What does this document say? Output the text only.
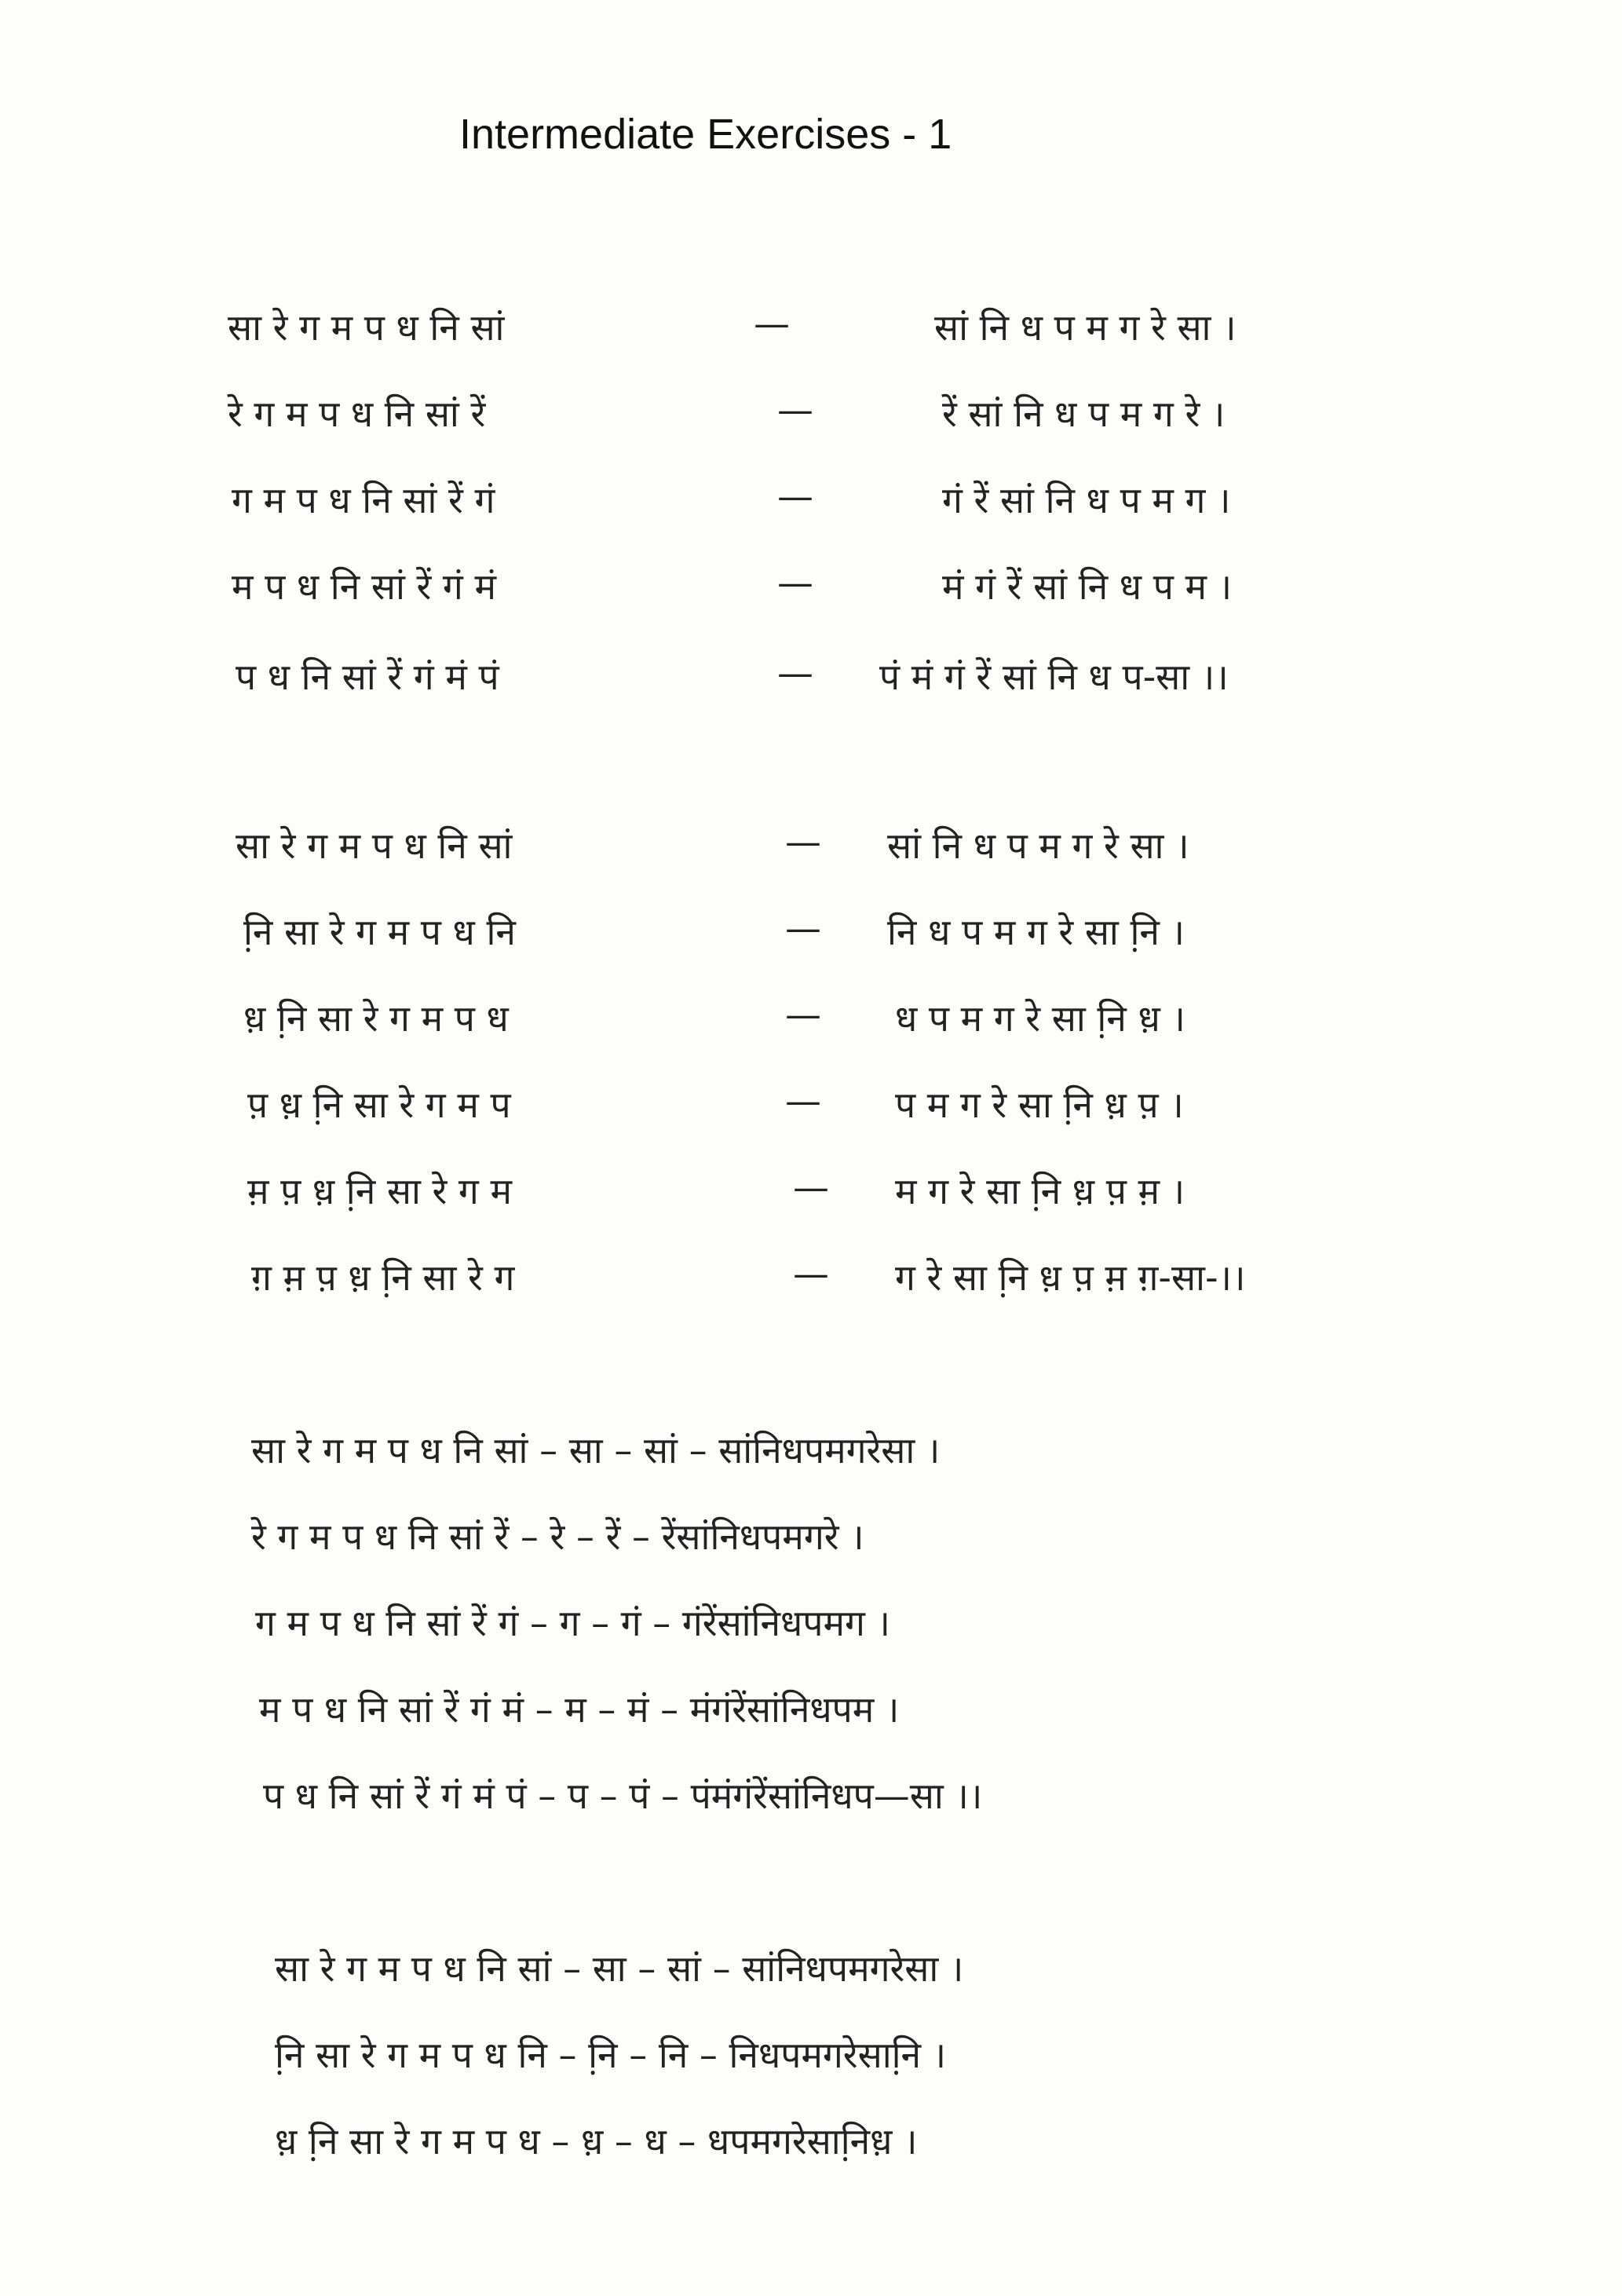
Intermediate Exercises - 1
सा रे ग म प ध नि सां	—	सां नि ध प म ग रे सा ।
रे ग म प ध नि सां रें	—	रें सां नि ध प म ग रे ।
ग म प ध नि सां रें गं	—	गं रें सां नि ध प म ग ।
म प ध नि सां रें गं मं	—	मं गं रें सां नि ध प म ।
प ध नि सां रें गं मं पं	— पं मं गं रें सां नि ध प-सा ।।
सा रे ग म प ध नि सां	— सां नि ध प म ग रे सा ।
नि़ सा रे ग म प ध नि	— नि ध प म ग रे सा नि़ ।
ध़ नि़ सा रे ग म प ध	— ध प म ग रे सा नि़ ध़ ।
प़ ध़ नि़ सा रे ग म प	— प म ग रे सा नि़ ध़ प़ ।
म़ प़ ध़ नि़ सा रे ग म	— म ग रे सा नि़ ध़ प़ म़ ।
ग़ म़ प़ ध़ नि़ सा रे ग	— ग रे सा नि़ ध़ प़ म़ ग़-सा-।।
सा रे ग म प ध नि सां – सा – सां – सांनिधपमगरेसा ।
रे ग म प ध नि सां रें – रे – रें – रेंसांनिधपमगरे ।
ग म प ध नि सां रें गं – ग – गं – गंरेंसांनिधपमग ।
म प ध नि सां रें गं मं – म – मं – मंगंरेंसांनिधपम ।
प ध नि सां रें गं मं पं – प – पं – पंमंगंरेंसांनिधप—सा ।।
सा रे ग म प ध नि सां – सा – सां – सांनिधपमगरेसा ।
नि़ सा रे ग म प ध नि – नि़ – नि – निधपमगरेसानि़ ।
ध़ नि़ सा रे ग म प ध – ध़ – ध – धपमगरेसानि़ध़ ।
